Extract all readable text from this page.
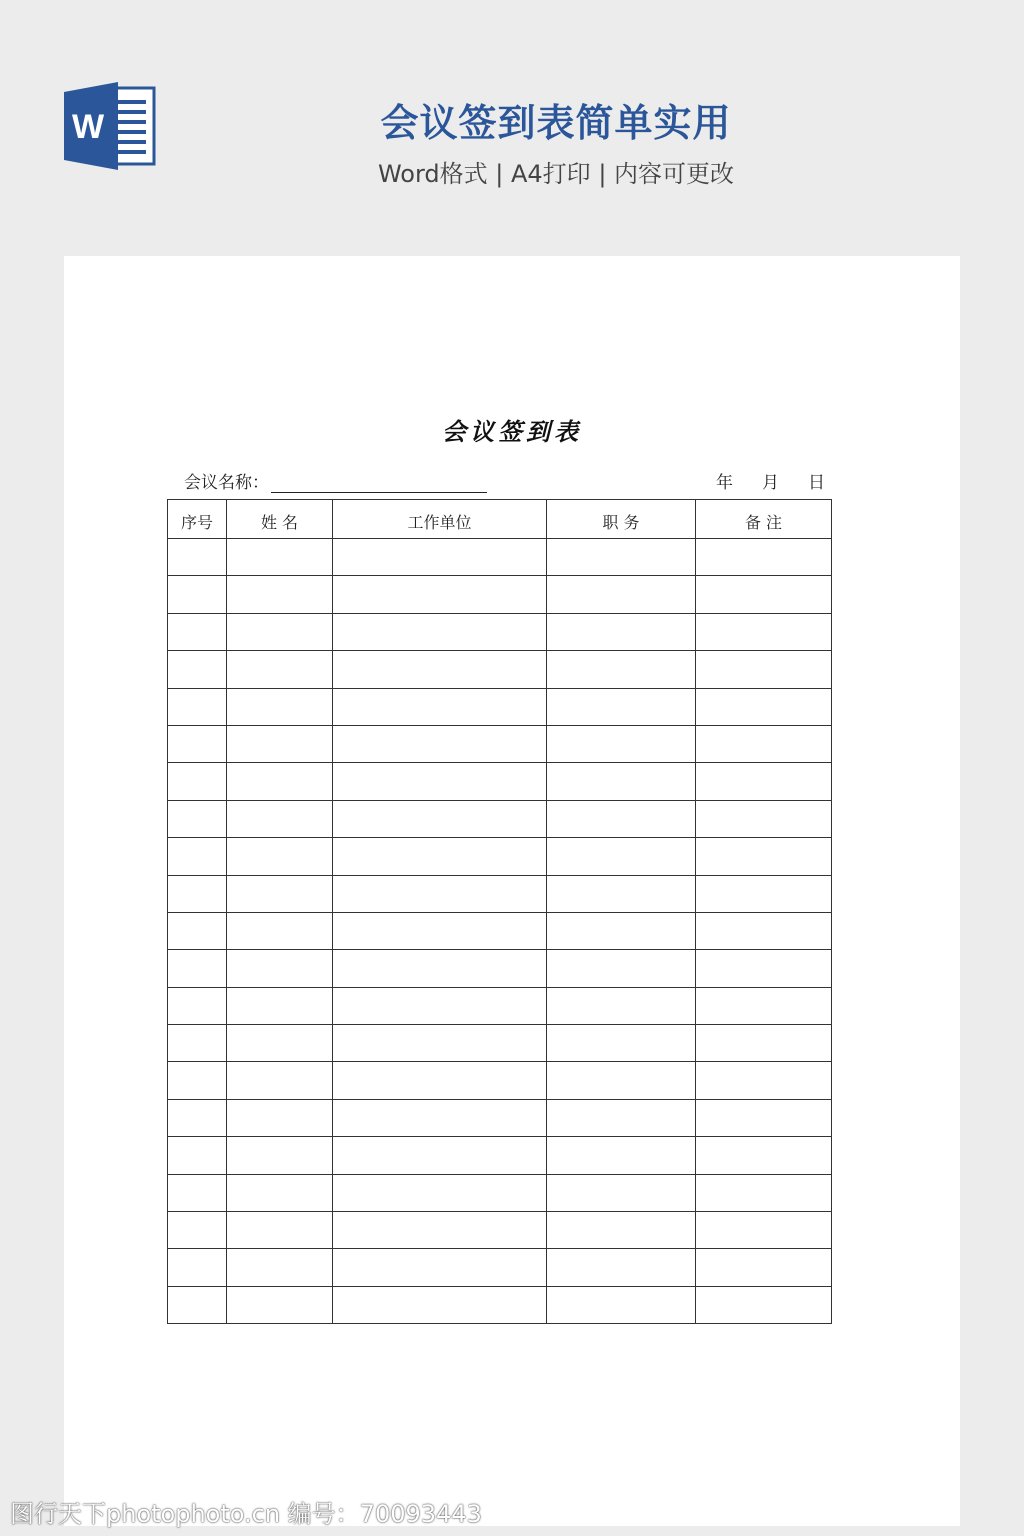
W	会议签到表简单实用
Word格式 | A4打印 | 内容可更改
会议签到表
会议名称：	年	月	日
序号	姓 名	工作单位	职 务	备 注

图行天下photophoto.cn 编号：70093443
